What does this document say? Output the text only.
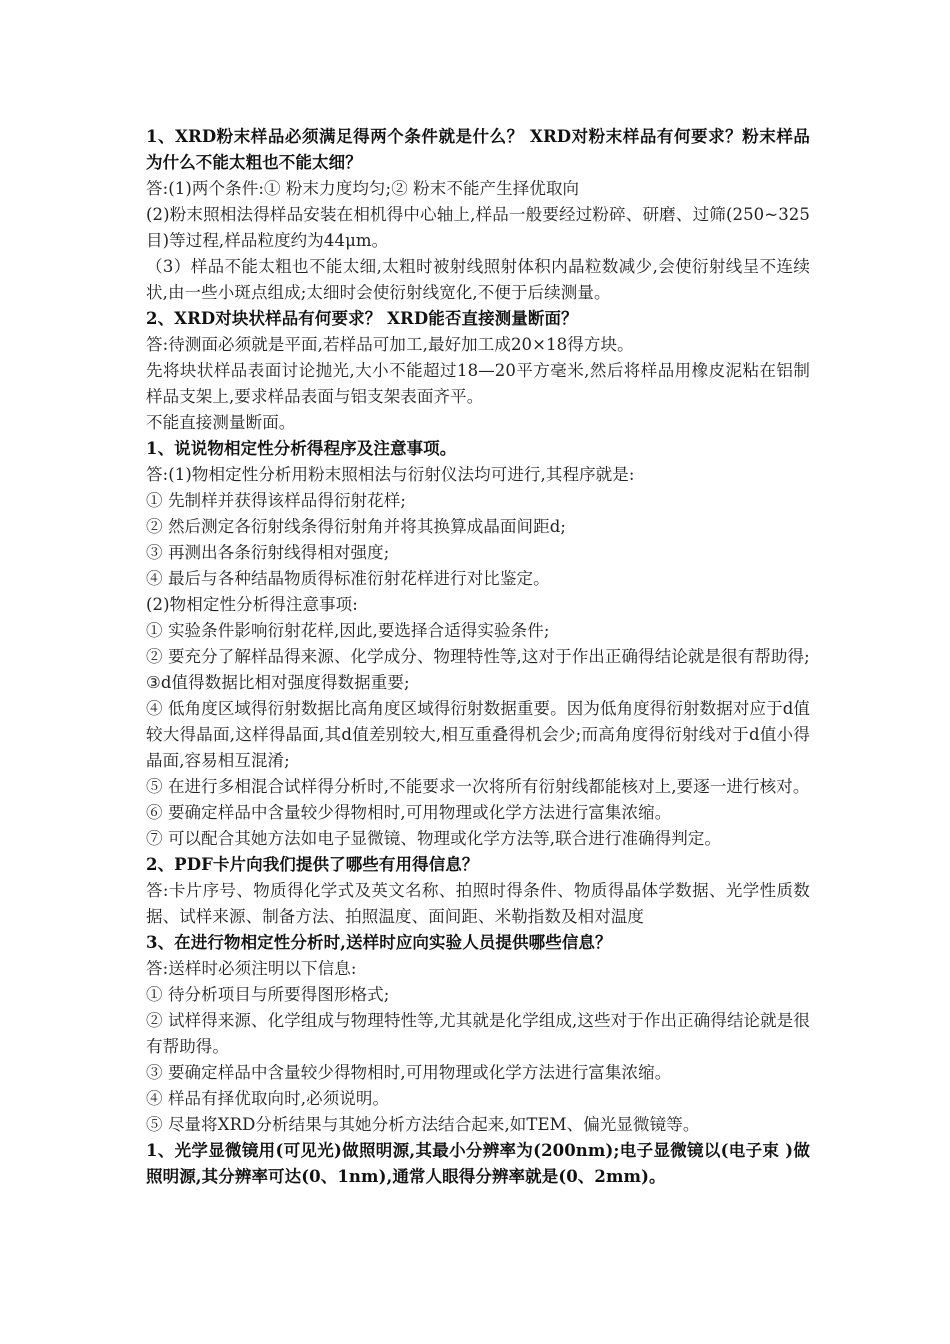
1、XRD粉末样品必须满足得两个条件就是什么？ XRD对粉末样品有何要求？粉末样品为什么不能太粗也不能太细？

答:(1)两个条件:① 粉末力度均匀;② 粉末不能产生择优取向

(2)粉末照相法得样品安装在相机得中心轴上,样品一般要经过粉碎、研磨、过筛(250~325目)等过程,样品粒度约为44μm。

（3）样品不能太粗也不能太细,太粗时被射线照射体积内晶粒数减少,会使衍射线呈不连续状,由一些小斑点组成;太细时会使衍射线宽化,不便于后续测量。

2、XRD对块状样品有何要求？ XRD能否直接测量断面？

答:待测面必须就是平面,若样品可加工,最好加工成20×18得方块。

先将块状样品表面讨论抛光,大小不能超过18—20平方毫米,然后将样品用橡皮泥粘在铝制样品支架上,要求样品表面与铝支架表面齐平。

不能直接测量断面。

1、说说物相定性分析得程序及注意事项。

答:(1)物相定性分析用粉末照相法与衍射仪法均可进行,其程序就是:

① 先制样并获得该样品得衍射花样;

② 然后测定各衍射线条得衍射角并将其换算成晶面间距d;

③ 再测出各条衍射线得相对强度;

④ 最后与各种结晶物质得标准衍射花样进行对比鉴定。

(2)物相定性分析得注意事项:

① 实验条件影响衍射花样,因此,要选择合适得实验条件;

② 要充分了解样品得来源、化学成分、物理特性等,这对于作出正确得结论就是很有帮助得;

③d值得数据比相对强度得数据重要;

④ 低角度区域得衍射数据比高角度区域得衍射数据重要。因为低角度得衍射数据对应于d值较大得晶面,这样得晶面,其d值差别较大,相互重叠得机会少;而高角度得衍射线对于d值小得晶面,容易相互混淆;

⑤ 在进行多相混合试样得分析时,不能要求一次将所有衍射线都能核对上,要逐一进行核对。

⑥ 要确定样品中含量较少得物相时,可用物理或化学方法进行富集浓缩。

⑦ 可以配合其她方法如电子显微镜、物理或化学方法等,联合进行准确得判定。

2、PDF卡片向我们提供了哪些有用得信息？

答:卡片序号、物质得化学式及英文名称、拍照时得条件、物质得晶体学数据、光学性质数据、试样来源、制备方法、拍照温度、面间距、米勒指数及相对温度

3、在进行物相定性分析时,送样时应向实验人员提供哪些信息？

答:送样时必须注明以下信息:

① 待分析项目与所要得图形格式;

② 试样得来源、化学组成与物理特性等,尤其就是化学组成,这些对于作出正确得结论就是很有帮助得。

③ 要确定样品中含量较少得物相时,可用物理或化学方法进行富集浓缩。

④ 样品有择优取向时,必须说明。

⑤ 尽量将XRD分析结果与其她分析方法结合起来,如TEM、偏光显微镜等。

1、光学显微镜用(可见光)做照明源,其最小分辨率为(200nm);电子显微镜以(电子束 )做照明源,其分辨率可达(0、1nm),通常人眼得分辨率就是(0、2mm)。
